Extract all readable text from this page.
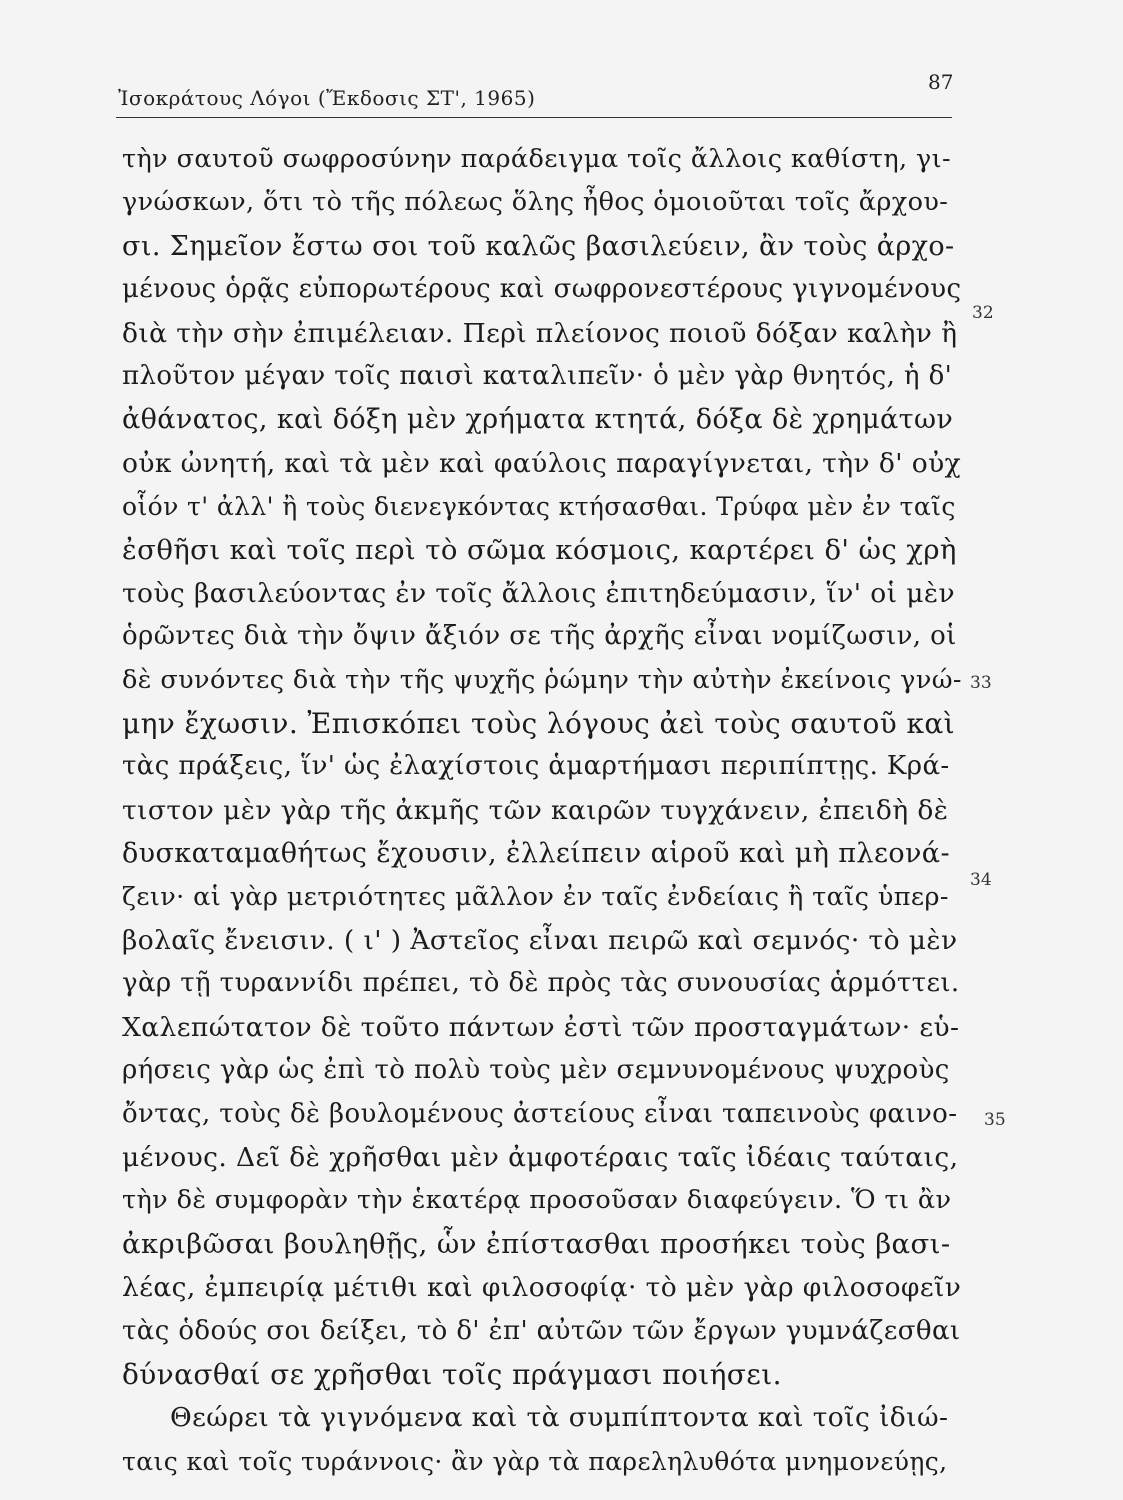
Ἰσοκράτους Λόγοι (Ἔκδοσις ΣΤ', 1965)
87
τὴν σαυτοῦ σωφροσύνην παράδειγμα τοῖς ἄλλοις καθίστη, γι-
γνώσκων, ὅτι τὸ τῆς πόλεως ὅλης ἦθος ὁμοιοῦται τοῖς ἄρχου-
σι. Σημεῖον ἔστω σοι τοῦ καλῶς βασιλεύειν, ἂν τοὺς ἀρχο-
μένους ὁρᾷς εὐπορωτέρους καὶ σωφρονεστέρους γιγνομένους
διὰ τὴν σὴν ἐπιμέλειαν. Περὶ πλείονος ποιοῦ δόξαν καλὴν ἢ
πλοῦτον μέγαν τοῖς παισὶ καταλιπεῖν· ὁ μὲν γὰρ θνητός, ἡ δ'
ἀθάνατος, καὶ δόξη μὲν χρήματα κτητά, δόξα δὲ χρημάτων
οὐκ ὠνητή, καὶ τὰ μὲν καὶ φαύλοις παραγίγνεται, τὴν δ' οὐχ
οἷόν τ' ἀλλ' ἢ τοὺς διενεγκόντας κτήσασθαι. Τρύφα μὲν ἐν ταῖς
ἐσθῆσι καὶ τοῖς περὶ τὸ σῶμα κόσμοις, καρτέρει δ' ὡς χρὴ
τοὺς βασιλεύοντας ἐν τοῖς ἄλλοις ἐπιτηδεύμασιν, ἵν' οἱ μὲν
ὁρῶντες διὰ τὴν ὄψιν ἄξιόν σε τῆς ἀρχῆς εἶναι νομίζωσιν, οἱ
δὲ συνόντες διὰ τὴν τῆς ψυχῆς ῥώμην τὴν αὐτὴν ἐκείνοις γνώ-
μην ἔχωσιν. Ἐπισκόπει τοὺς λόγους ἀεὶ τοὺς σαυτοῦ καὶ
τὰς πράξεις, ἵν' ὡς ἐλαχίστοις ἁμαρτήμασι περιπίπτῃς. Κρά-
τιστον μὲν γὰρ τῆς ἀκμῆς τῶν καιρῶν τυγχάνειν, ἐπειδὴ δὲ
δυσκαταμαθήτως ἔχουσιν, ἐλλείπειν αἱροῦ καὶ μὴ πλεονά-
ζειν· αἱ γὰρ μετριότητες μᾶλλον ἐν ταῖς ἐνδείαις ἢ ταῖς ὑπερ-
βολαῖς ἔνεισιν. ( ι' ) Ἀστεῖος εἶναι πειρῶ καὶ σεμνός· τὸ μὲν
γὰρ τῇ τυραννίδι πρέπει, τὸ δὲ πρὸς τὰς συνουσίας ἁρμόττει.
Χαλεπώτατον δὲ τοῦτο πάντων ἐστὶ τῶν προσταγμάτων· εὑ-
ρήσεις γὰρ ὡς ἐπὶ τὸ πολὺ τοὺς μὲν σεμνυνομένους ψυχροὺς
ὄντας, τοὺς δὲ βουλομένους ἀστείους εἶναι ταπεινοὺς φαινο-
μένους. Δεῖ δὲ χρῆσθαι μὲν ἀμφοτέραις ταῖς ἰδέαις ταύταις,
τὴν δὲ συμφορὰν τὴν ἑκατέρᾳ προσοῦσαν διαφεύγειν. Ὅ τι ἂν
ἀκριβῶσαι βουληθῇς, ὧν ἐπίστασθαι προσήκει τοὺς βασι-
λέας, ἐμπειρίᾳ μέτιθι καὶ φιλοσοφίᾳ· τὸ μὲν γὰρ φιλοσοφεῖν
τὰς ὁδούς σοι δείξει, τὸ δ' ἐπ' αὐτῶν τῶν ἔργων γυμνάζεσθαι
δύνασθαί σε χρῆσθαι τοῖς πράγμασι ποιήσει.
Θεώρει τὰ γιγνόμενα καὶ τὰ συμπίπτοντα καὶ τοῖς ἰδιώ-
ταις καὶ τοῖς τυράννοις· ἂν γὰρ τὰ παρεληλυθότα μνημονεύῃς,
32
33
34
35
